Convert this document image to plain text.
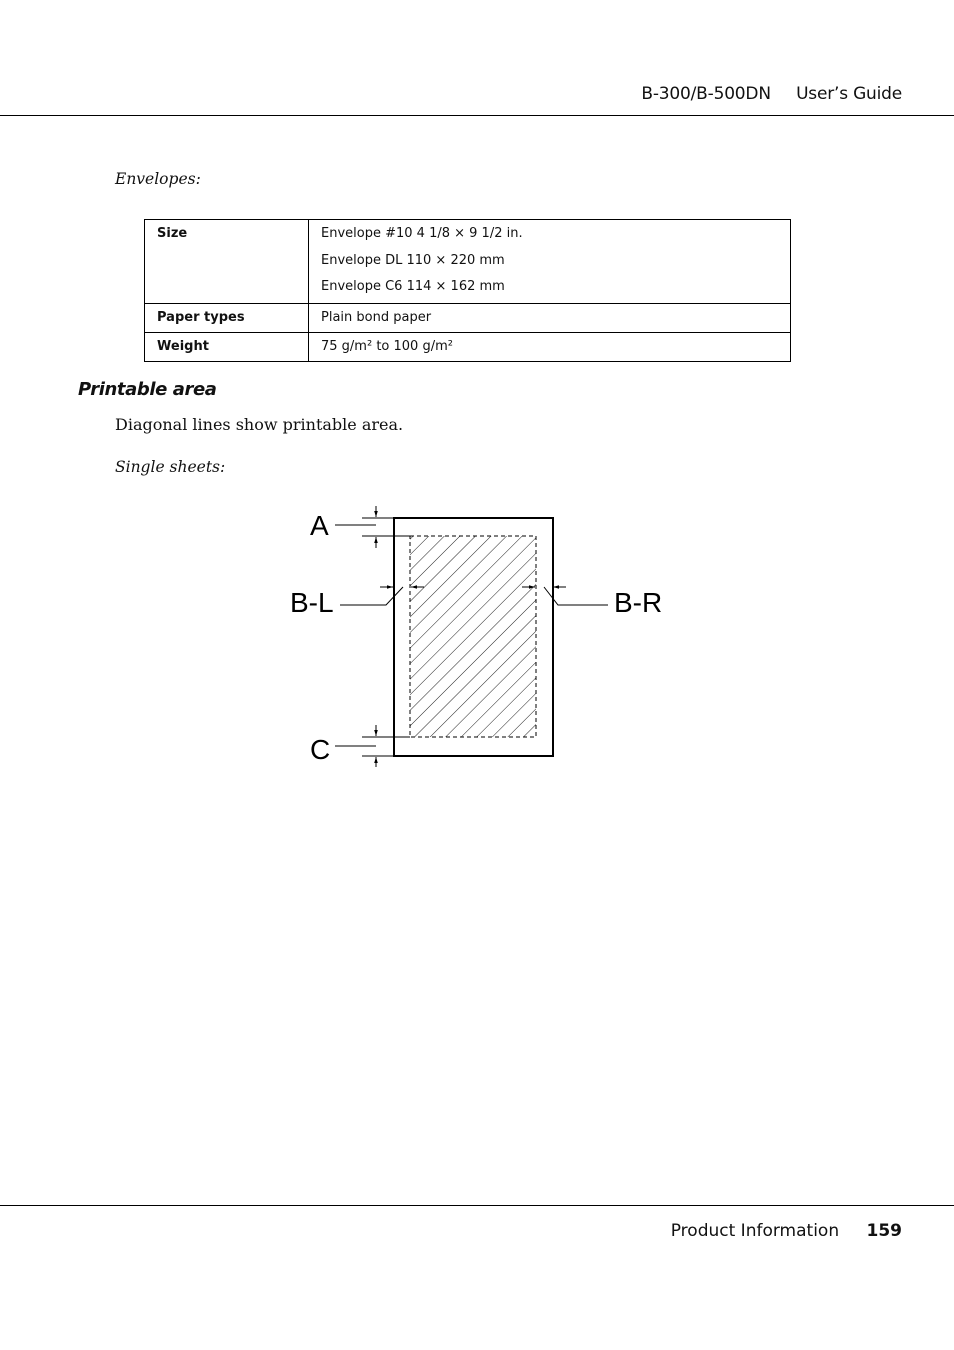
B-300/B-500DN User’s Guide
Envelopes:
Size	Envelope #10 4 1/8 × 9 1/2 in.
Envelope DL 110 × 220 mm
Envelope C6 114 × 162 mm

Paper types	Plain bond paper
Weight	75 g/m² to 100 g/m²
Printable area
Diagonal lines show printable area.
Single sheets:
A
B-L	B-R
C
Product Information 159
